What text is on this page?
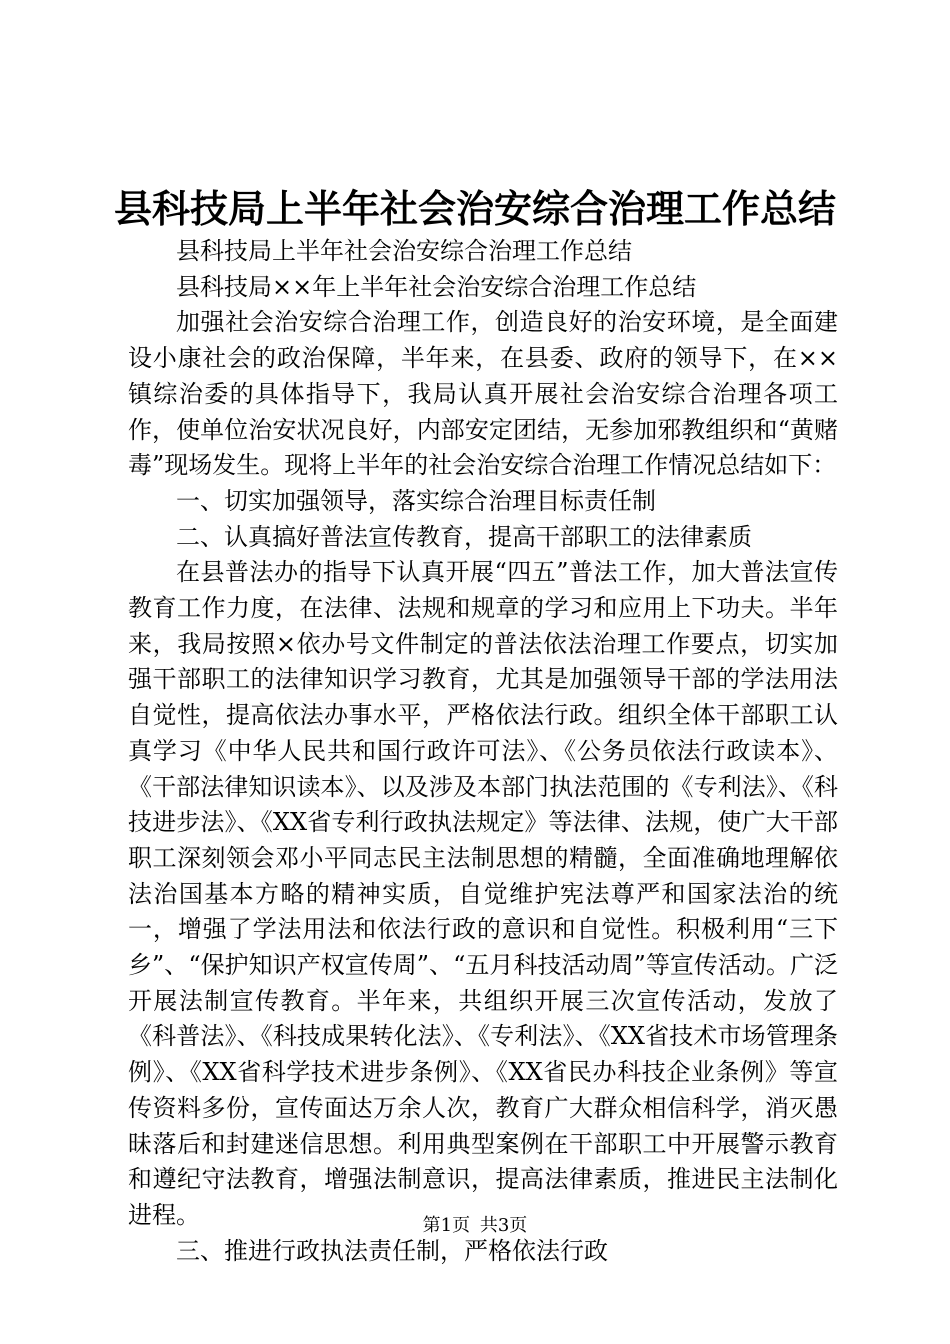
县科技局上半年社会治安综合治理工作总结

县科技局上半年社会治安综合治理工作总结

县科技局××年上半年社会治安综合治理工作总结

加强社会治安综合治理工作，创造良好的治安环境，是全面建设小康社会的政治保障，半年来，在县委、政府的领导下，在××镇综治委的具体指导下，我局认真开展社会治安综合治理各项工作，使单位治安状况良好，内部安定团结，无参加邪教组织和“黄赌毒”现场发生。现将上半年的社会治安综合治理工作情况总结如下：

一、切实加强领导，落实综合治理目标责任制

二、认真搞好普法宣传教育，提高干部职工的法律素质

在县普法办的指导下认真开展“四五”普法工作，加大普法宣传教育工作力度，在法律、法规和规章的学习和应用上下功夫。半年来，我局按照×依办号文件制定的普法依法治理工作要点，切实加强干部职工的法律知识学习教育，尤其是加强领导干部的学法用法自觉性，提高依法办事水平，严格依法行政。组织全体干部职工认真学习《中华人民共和国行政许可法》、《公务员依法行政读本》、《干部法律知识读本》、以及涉及本部门执法范围的《专利法》、《科技进步法》、《XX省专利行政执法规定》等法律、法规，使广大干部职工深刻领会邓小平同志民主法制思想的精髓，全面准确地理解依法治国基本方略的精神实质，自觉维护宪法尊严和国家法治的统一，增强了学法用法和依法行政的意识和自觉性。积极利用“三下乡”、“保护知识产权宣传周”、“五月科技活动周”等宣传活动。广泛开展法制宣传教育。半年来，共组织开展三次宣传活动，发放了《科普法》、《科技成果转化法》、《专利法》、《XX省技术市场管理条例》、《XX省科学技术进步条例》、《XX省民办科技企业条例》等宣传资料多份，宣传面达万余人次，教育广大群众相信科学，消灭愚昧落后和封建迷信思想。利用典型案例在干部职工中开展警示教育和遵纪守法教育，增强法制意识，提高法律素质，推进民主法制化进程。

三、推进行政执法责任制，严格依法行政

第1页 共3页
